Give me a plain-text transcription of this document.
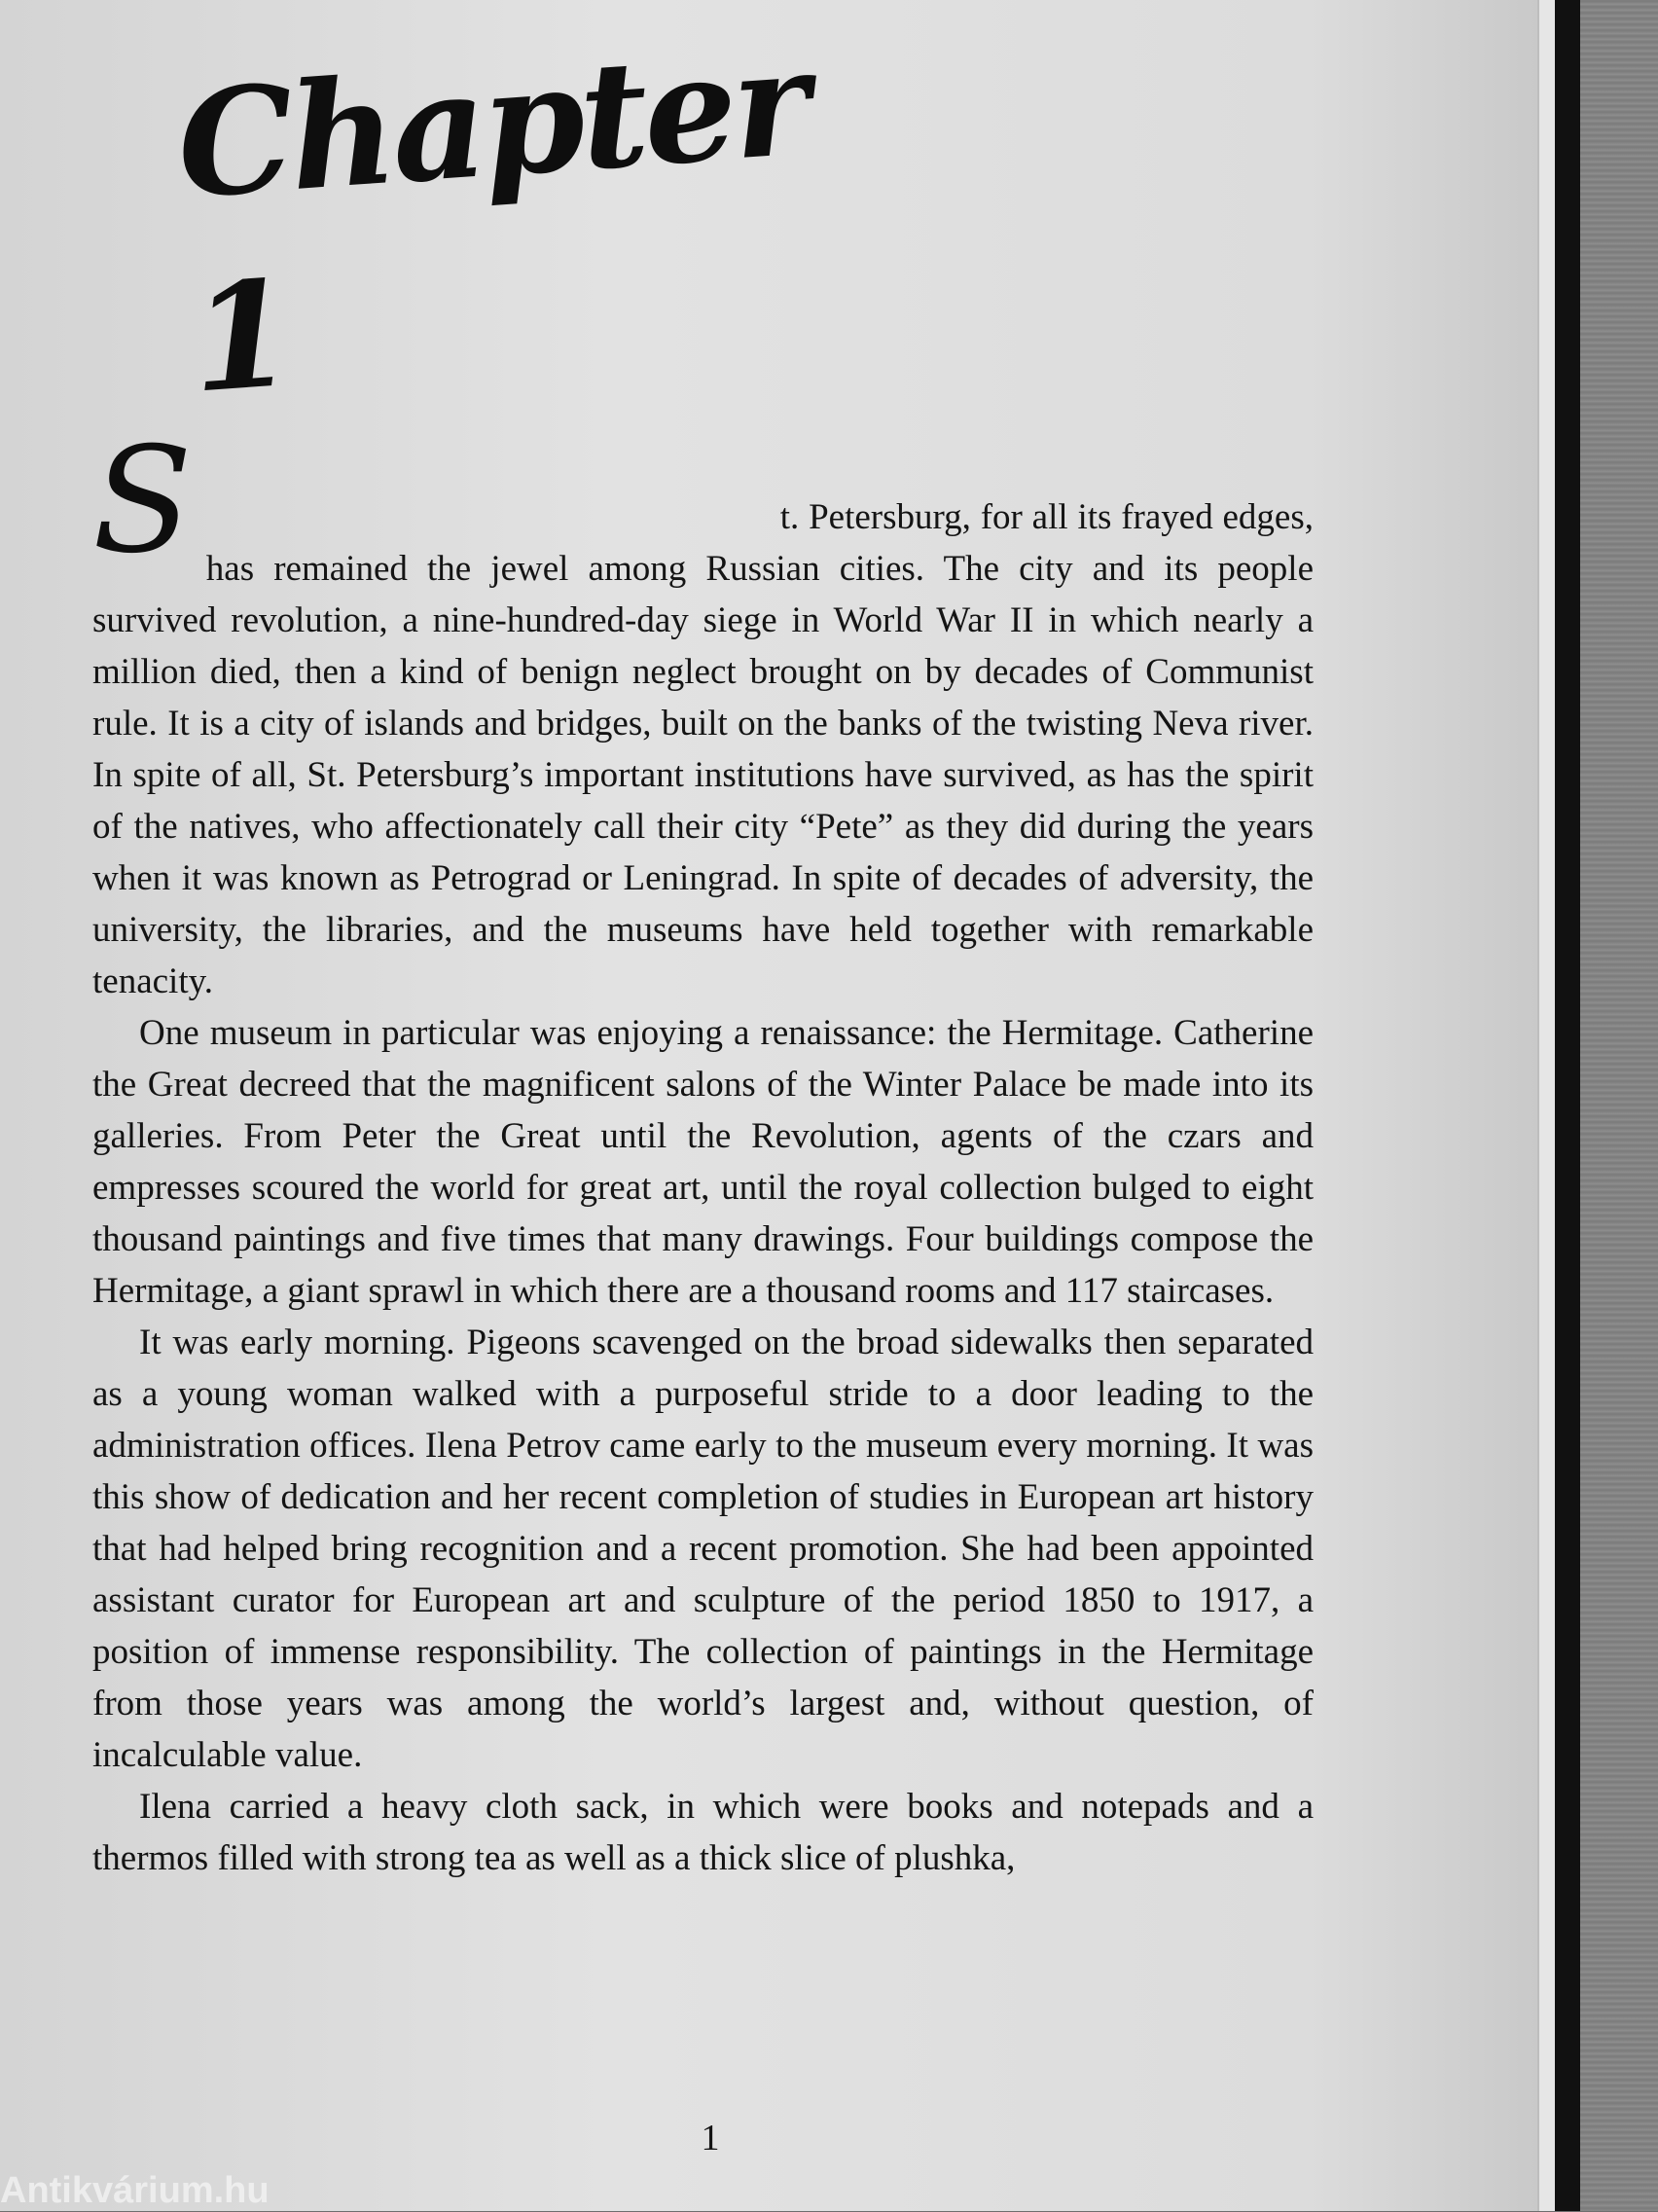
Chapter 1

S	t. Petersburg, for all its frayed edges, has remained the jewel among Russian cities. The city and its people survived revolution, a nine-hundred-day siege in World War II in which nearly a million died, then a kind of benign neglect brought on by decades of Communist rule. It is a city of islands and bridges, built on the banks of the twisting Neva river. In spite of all, St. Petersburg’s important institutions have survived, as has the spirit of the natives, who affectionately call their city “Pete” as they did during the years when it was known as Petrograd or Leningrad. In spite of decades of adversity, the university, the libraries, and the museums have held together with remarkable tenacity.

One museum in particular was enjoying a renaissance: the Hermitage. Catherine the Great decreed that the magnificent salons of the Winter Palace be made into its galleries. From Peter the Great until the Revolution, agents of the czars and empresses scoured the world for great art, until the royal collection bulged to eight thousand paintings and five times that many drawings. Four buildings compose the Hermitage, a giant sprawl in which there are a thousand rooms and 117 staircases.

It was early morning. Pigeons scavenged on the broad sidewalks then separated as a young woman walked with a purposeful stride to a door leading to the administration offices. Ilena Petrov came early to the museum every morning. It was this show of dedication and her recent completion of studies in European art history that had helped bring recognition and a recent promotion. She had been appointed assistant curator for European art and sculpture of the period 1850 to 1917, a position of immense responsibility. The collection of paintings in the Hermitage from those years was among the world’s largest and, without question, of incalculable value.

Ilena carried a heavy cloth sack, in which were books and notepads and a thermos filled with strong tea as well as a thick slice of plushka,

1
Antikvárium.hu
